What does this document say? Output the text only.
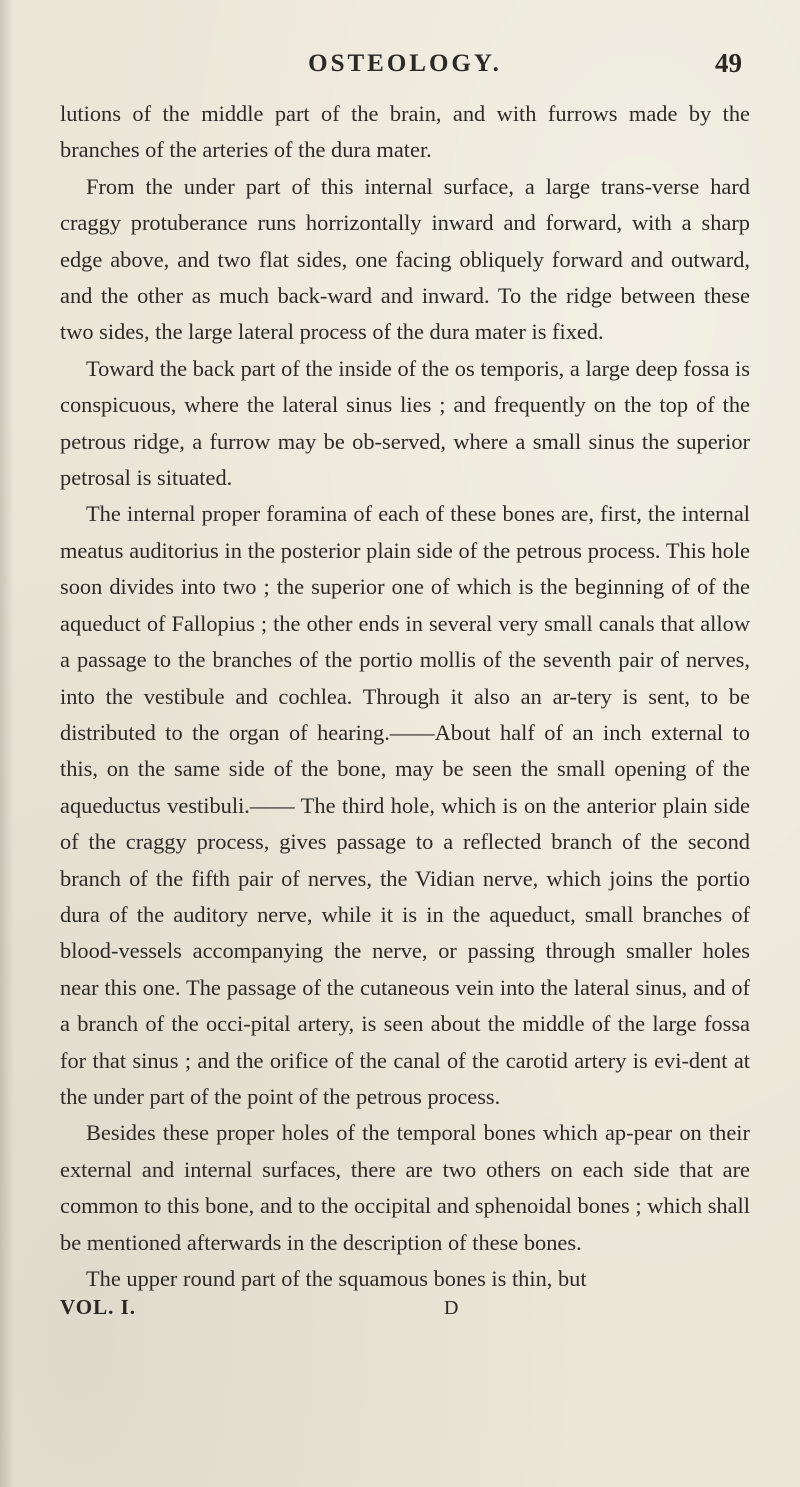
OSTEOLOGY.	49

lutions of the middle part of the brain, and with furrows made by the branches of the arteries of the dura mater.

From the under part of this internal surface, a large trans-verse hard craggy protuberance runs horrizontally inward and forward, with a sharp edge above, and two flat sides, one facing obliquely forward and outward, and the other as much back-ward and inward. To the ridge between these two sides, the large lateral process of the dura mater is fixed.

Toward the back part of the inside of the os temporis, a large deep fossa is conspicuous, where the lateral sinus lies ; and frequently on the top of the petrous ridge, a furrow may be ob-served, where a small sinus the superior petrosal is situated.

The internal proper foramina of each of these bones are, first, the internal meatus auditorius in the posterior plain side of the petrous process. This hole soon divides into two ; the superior one of which is the beginning of of the aqueduct of Fallopius ; the other ends in several very small canals that allow a passage to the branches of the portio mollis of the seventh pair of nerves, into the vestibule and cochlea. Through it also an ar-tery is sent, to be distributed to the organ of hearing.——About half of an inch external to this, on the same side of the bone, may be seen the small opening of the aqueductus vestibuli.—— The third hole, which is on the anterior plain side of the craggy process, gives passage to a reflected branch of the second branch of the fifth pair of nerves, the Vidian nerve, which joins the portio dura of the auditory nerve, while it is in the aqueduct, small branches of blood-vessels accompanying the nerve, or passing through smaller holes near this one. The passage of the cutaneous vein into the lateral sinus, and of a branch of the occi-pital artery, is seen about the middle of the large fossa for that sinus ; and the orifice of the canal of the carotid artery is evi-dent at the under part of the point of the petrous process.

Besides these proper holes of the temporal bones which ap-pear on their external and internal surfaces, there are two others on each side that are common to this bone, and to the occipital and sphenoidal bones ; which shall be mentioned afterwards in the description of these bones.

The upper round part of the squamous bones is thin, but

VOL. I.	D
